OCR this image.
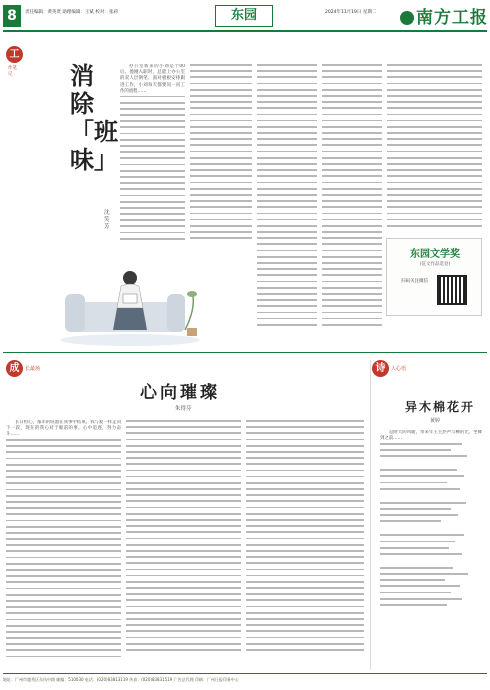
8	责任编辑：黄英贤 助理编辑：王斌 校对：张莉	东园	2024年11月19日 星期二	南方工报
工
作笔记 消除「班味」
沈笑芳

办公室新来的小刘是个00后。他刚入职时，总能上办公室的双人层钢笔、面对板板安排跟进工作，小刘每天都要问一问工作的流程……

东园文学奖
(征文作品选登)
扫码关注微信
成	长最场
心向璀璨
朱得芬

长日恒心，都市的喧嚣在我事中结束。我与爱一样走向下一段，现在的我心对于眼前的事。心中追逐，努力奋斗……

诗	人心语
异木棉花开
黄婷

总附天的风暖，带来年王主热声与柳的光，坐舞到之前……

地址：广州市越秀区东风中路 邮编：510030 电话：(020)83813119 传真：(020)83831519 广告总代理 印刷：广州日报印务中心
